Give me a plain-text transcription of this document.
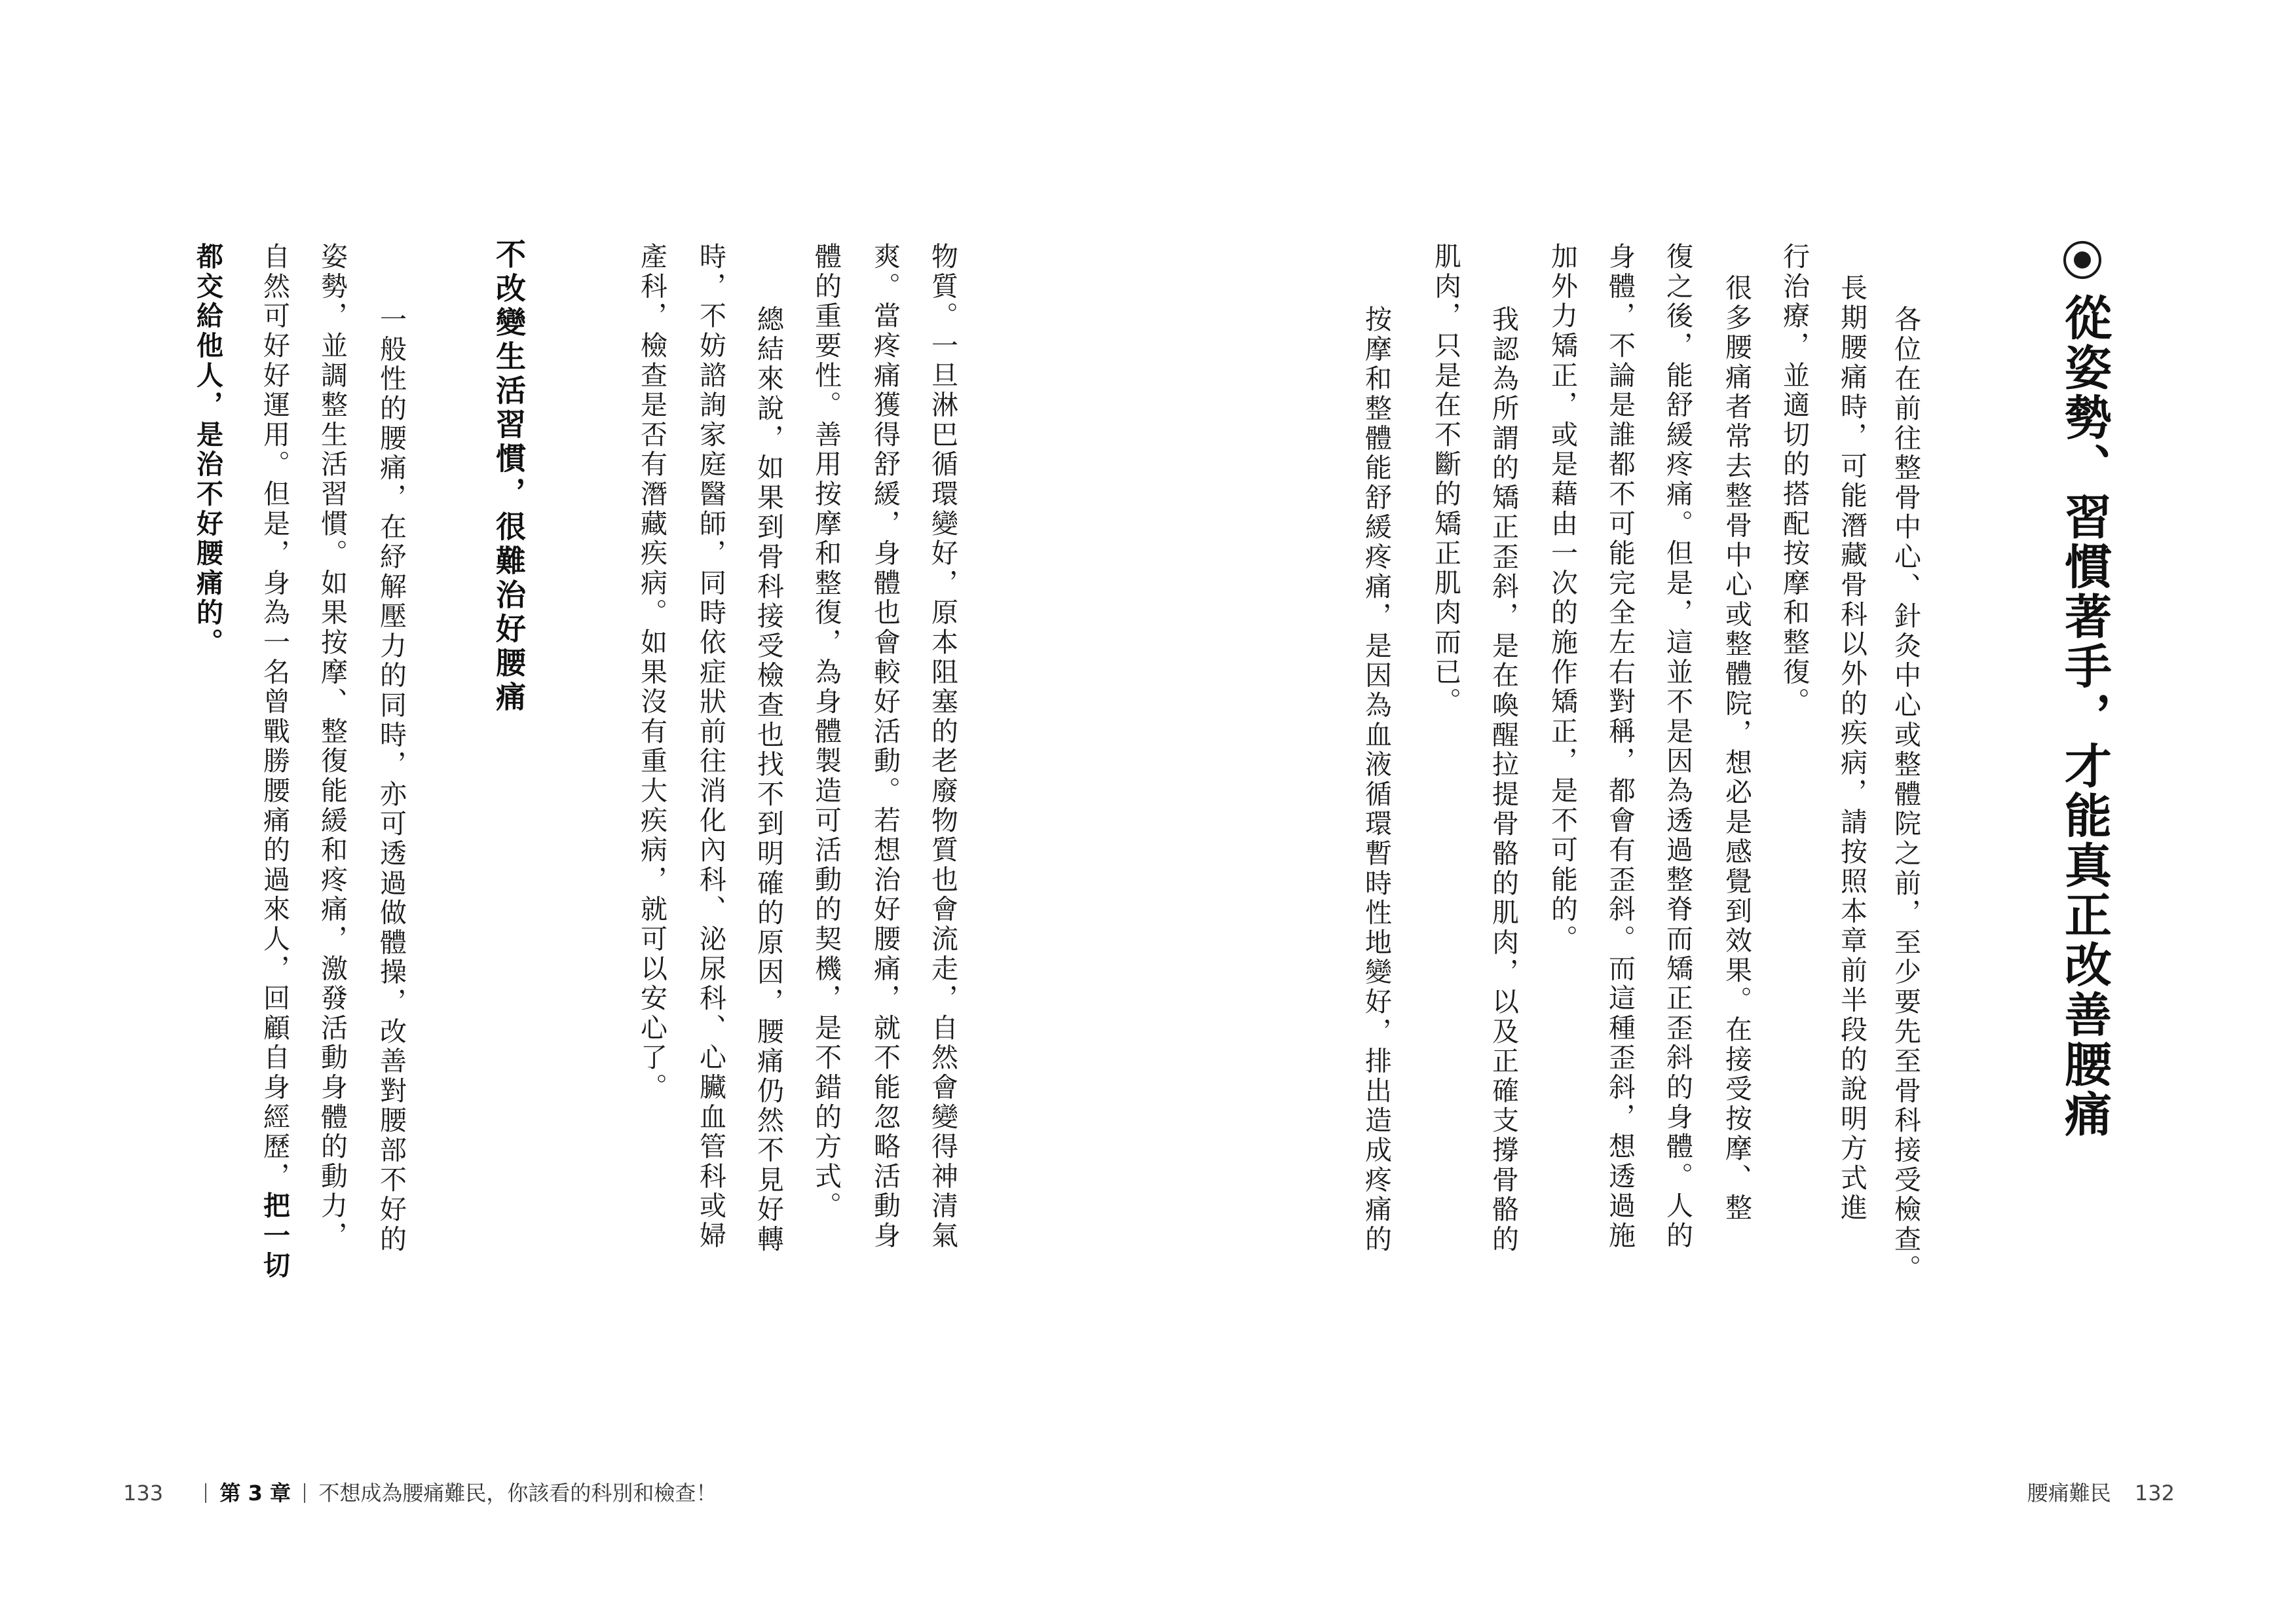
從姿勢、習慣著手，才能真正改善腰痛
各位在前往整骨中心、針灸中心或整體院之前，至少要先至骨科接受檢查。
長期腰痛時，可能潛藏骨科以外的疾病，請按照本章前半段的說明方式進
行治療，並適切的搭配按摩和整復。
很多腰痛者常去整骨中心或整體院，想必是感覺到效果。在接受按摩、整
復之後，能舒緩疼痛。但是，這並不是因為透過整脊而矯正歪斜的身體。人的
身體，不論是誰都不可能完全左右對稱，都會有歪斜。而這種歪斜，想透過施
加外力矯正，或是藉由一次的施作矯正，是不可能的。
我認為所謂的矯正歪斜，是在喚醒拉提骨骼的肌肉，以及正確支撐骨骼的
肌肉，只是在不斷的矯正肌肉而已。
按摩和整體能舒緩疼痛，是因為血液循環暫時性地變好，排出造成疼痛的
物質。一旦淋巴循環變好，原本阻塞的老廢物質也會流走，自然會變得神清氣
爽。當疼痛獲得舒緩，身體也會較好活動。若想治好腰痛，就不能忽略活動身
體的重要性。善用按摩和整復，為身體製造可活動的契機，是不錯的方式。
總結來說，如果到骨科接受檢查也找不到明確的原因，腰痛仍然不見好轉
時，不妨諮詢家庭醫師，同時依症狀前往消化內科、泌尿科、心臟血管科或婦
產科，檢查是否有潛藏疾病。如果沒有重大疾病，就可以安心了。
不改變生活習慣，很難治好腰痛
一般性的腰痛，在紓解壓力的同時，亦可透過做體操，改善對腰部不好的
姿勢，並調整生活習慣。如果按摩、整復能緩和疼痛，激發活動身體的動力，
自然可好好運用。但是，身為一名曾戰勝腰痛的過來人，回顧自身經歷，把一切
都交給他人，是治不好腰痛的。
133	第 3 章 不想成為腰痛難民，你該看的科別和檢查！	腰痛難民 132
